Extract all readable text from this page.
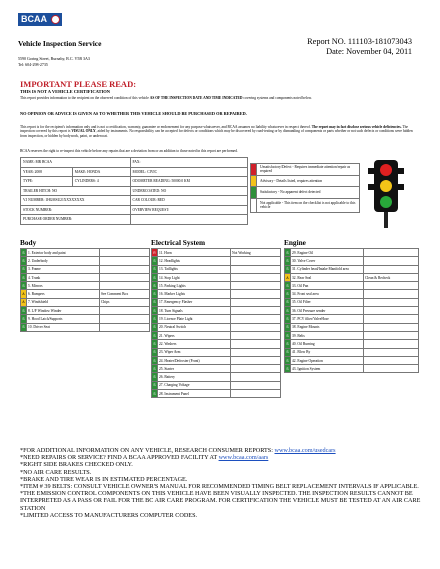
BCAA
Vehicle Inspection Service
5590 Goring Street, Burnaby, B.C. V5B 3A3
Tel: 604-298-2735
Report NO. 111103-181073043
Date: November 04, 2011
IMPORTANT PLEASE READ:
THIS IS NOT A VEHICLE CERTIFICATION
This report provides information to the recipient on the observed condition of this vehicle AS OF THE INSPECTION DATE AND TIME INDICATED covering systems and components noted below.
NO OPINION OR ADVICE IS GIVEN AS TO WHETHER THIS VEHICLE SHOULD BE PURCHASED OR REPAIRED.
This report is for the recipient's information only and is not a certification, warranty, guarantee or endorsement for any purpose whatsoever, and BCAA assumes no liability whatsoever in respect thereof. The report may in fact disclose serious vehicle deficiencies. The inspection covered by this report is VISUAL ONLY, aided by instruments. No responsibility can be accepted for defects or conditions which may be discovered by road-testing or by dismantling of components or parts whether or not such defects or conditions were hidden from inspection, or hidden by bodywork, paint, or undercoat.
BCAA reserves the right to re-inspect this vehicle before any repairs that are a deviation from or an addition to those noted in this report are performed.
NAME: MR BCAA		FAX:
YEAR: 2008	MAKE: HONDA	MODEL: CIVIC
TYPE:	CYLINDERS: 4	ODOMETER READING: 50000.0 KM
TRAILER HITCH: NO		UNDERCOATED: NO
V.I NUMBER: 1HGMSU21XXXXXXXX		CAR COLOUR: RED
STOCK NUMBER:		OVERVIEW REQUEST:
PURCHASE ORDER NUMBER:		
Unsatisfactory/Defect - Requires immediate attention/repair as required
Advisory - Details listed, requires attention
Satisfactory - No apparent defect detected
Not applicable - This item on the checklist is not applicable to this vehicle
Body	Electrical System	Engine
S	1. Exterior body and paint	
S	2. Underbody	
S	3. Frame	
S	4. Trunk	
S	5. Mirrors	
A	6. Bumpers	See Comment Box
A	7. Windshield	Chips
S	8. L/F Window Winder	
S	9. Hood Latch/Supports	
S	10. Driver Seat	
R	11. Horn	Not Working
S	12. Headlights	
S	13. Taillights	
S	14. Stop Light	
S	15. Parking Lights	
S	16. Marker Lights	
S	17. Emergency Flasher	
S	18. Turn Signals	
S	19. Licence Plate Light	
S	20. Neutral Switch	
S	21. Wipers	
S	22. Washers	
S	23. Wiper Arm	
S	24. Heater/Defroster (Front)	
S	25. Starter	
S	26. Battery	
S	27. Charging Voltage	
S	28. Instrument Panel	
S	29. Engine Oil	
S	30. Valve Cover	
S	31. Cylinder head/Intake Manifold area	
A	32. Rear Seal	Clean & Recheck
S	33. Oil Pan	
S	34. Front seal area	
S	35. Oil Filter	
S	36. Oil Pressure sender	
S	37. PCV filter/ValveHose	
S	38. Engine Mounts	
S	39. Belts	
S	40. Oil Burning	
S	41. Blow By	
S	42. Engine Operation	
S	43. Ignition System	
*FOR ADDITIONAL INFORMATION ON ANY VEHICLE, RESEARCH CONSUMER REPORTS: www.bcaa.com/usedcars
*NEED REPAIRS OR SERVICE? FIND A BCAA APPROVED FACILITY AT www.bcaa.com/aars
*RIGHT SIDE BRAKES CHECKED ONLY.
*NO AIR CARE RESULTS.
*BRAKE AND TIRE WEAR IS IN ESTIMATED PERCENTAGE.
*ITEM # 39 BELTS: CONSULT VEHICLE OWNER'S MANUAL FOR RECOMMENDED TIMING BELT REPLACEMENT INTERVALS IF APPLICABLE.
*THE EMISSION CONTROL COMPONENTS ON THIS VEHICLE HAVE BEEN VISUALLY INSPECTED. THE INSPECTION RESULTS CANNOT BE INTERPRETED AS A PASS OR FAIL FOR THE BC AIR CARE PROGRAM. FOR CERTIFICATION THE VEHICLE MUST BE TESTED AT AN AIR CARE STATION
*LIMITED ACCESS TO MANUFACTURERS COMPUTER CODES.
